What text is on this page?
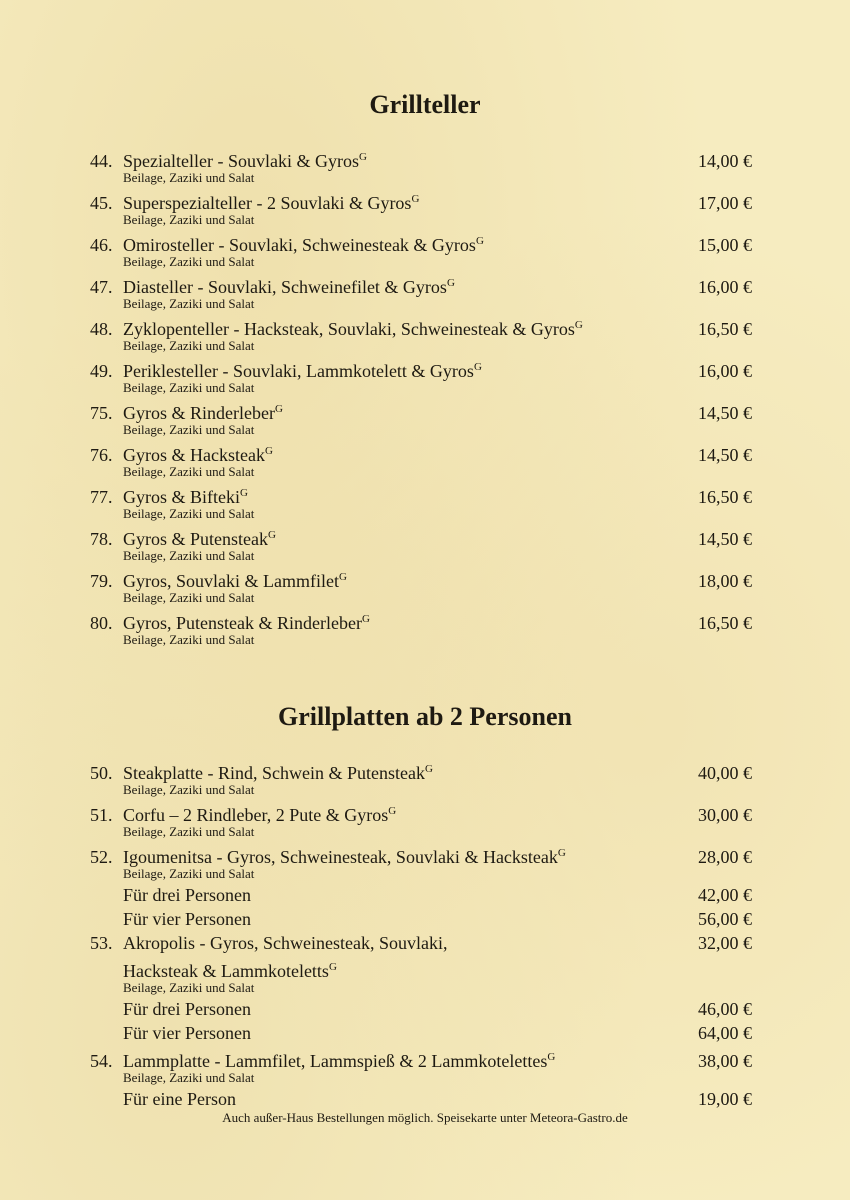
Grillteller
44. Spezialteller - Souvlaki & Gyros$^G$	14,00 €
Beilage, Zaziki und Salat
45. Superspezialteller - 2 Souvlaki & Gyros$^G$	17,00 €
Beilage, Zaziki und Salat
46. Omirosteller - Souvlaki, Schweinesteak & Gyros$^G$	15,00 €
Beilage, Zaziki und Salat
47. Diasteller - Souvlaki, Schweinefilet & Gyros$^G$	16,00 €
Beilage, Zaziki und Salat
48. Zyklopenteller - Hacksteak, Souvlaki, Schweinesteak & Gyros$^G$	16,50 €
Beilage, Zaziki und Salat
49. Periklesteller - Souvlaki, Lammkotelett & Gyros$^G$	16,00 €
Beilage, Zaziki und Salat
75. Gyros & Rinderleber$^G$	14,50 €
Beilage, Zaziki und Salat
76. Gyros & Hacksteak$^G$	14,50 €
Beilage, Zaziki und Salat
77. Gyros & Bifteki$^G$	16,50 €
Beilage, Zaziki und Salat
78. Gyros & Putensteak$^G$	14,50 €
Beilage, Zaziki und Salat
79. Gyros, Souvlaki & Lammfilet$^G$	18,00 €
Beilage, Zaziki und Salat
80. Gyros, Putensteak & Rinderleber$^G$	16,50 €
Beilage, Zaziki und Salat
Grillplatten ab 2 Personen
50. Steakplatte - Rind, Schwein & Putensteak$^G$	40,00 €
Beilage, Zaziki und Salat
51. Corfu – 2 Rindleber, 2 Pute & Gyros$^G$	30,00 €
Beilage, Zaziki und Salat
52. Igoumenitsa - Gyros, Schweinesteak, Souvlaki & Hacksteak$^G$	28,00 €
Beilage, Zaziki und Salat
Für drei Personen	42,00 €
Für vier Personen	56,00 €
53. Akropolis - Gyros, Schweinesteak, Souvlaki,	32,00 €
Hacksteak & Lammkoteletts$^G$
Beilage, Zaziki und Salat
Für drei Personen	46,00 €
Für vier Personen	64,00 €
54. Lammplatte - Lammfilet, Lammspieß & 2 Lammkotelettes$^G$	38,00 €
Beilage, Zaziki und Salat
Für eine Person	19,00 €
Auch außer-Haus Bestellungen möglich. Speisekarte unter Meteora-Gastro.de
